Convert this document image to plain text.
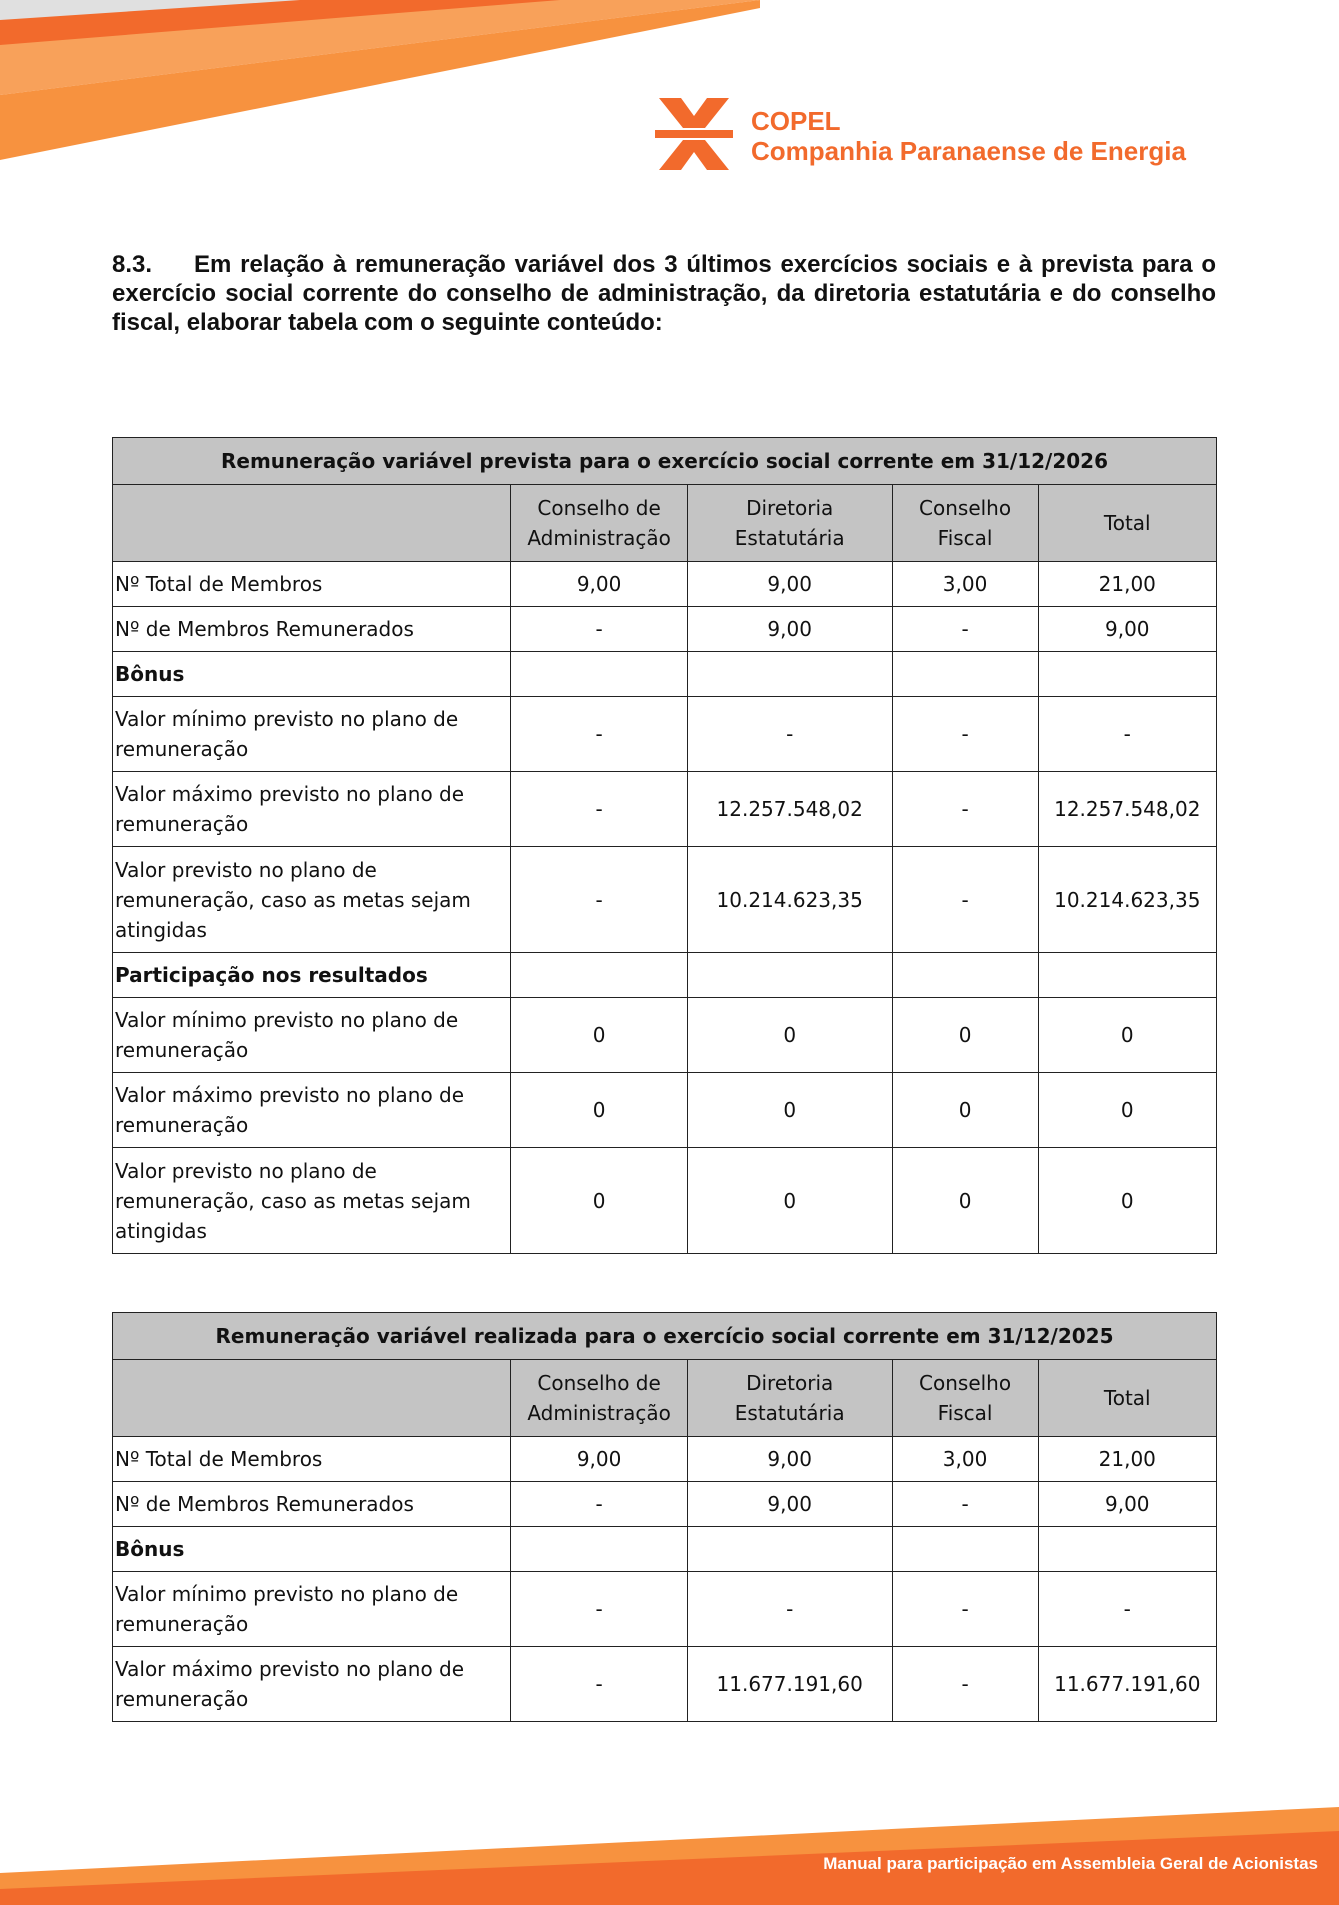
COPEL
Companhia Paranaense de Energia
8.3. Em relação à remuneração variável dos 3 últimos exercícios sociais e à prevista para o exercício social corrente do conselho de administração, da diretoria estatutária e do conselho fiscal, elaborar tabela com o seguinte conteúdo:
Remuneração variável prevista para o exercício social corrente em 31/12/2026				
	Conselho de Administração	Diretoria Estatutária	Conselho Fiscal	Total
Nº Total de Membros	9,00	9,00	3,00	21,00
Nº de Membros Remunerados	-	9,00	-	9,00
Bônus				
Valor mínimo previsto no plano de remuneração	-	-	-	-
Valor máximo previsto no plano de remuneração	-	12.257.548,02	-	12.257.548,02
Valor previsto no plano de remuneração, caso as metas sejam atingidas	-	10.214.623,35	-	10.214.623,35
Participação nos resultados				
Valor mínimo previsto no plano de remuneração	0	0	0	0
Valor máximo previsto no plano de remuneração	0	0	0	0
Valor previsto no plano de remuneração, caso as metas sejam atingidas	0	0	0	0
Remuneração variável realizada para o exercício social corrente em 31/12/2025				
	Conselho de Administração	Diretoria Estatutária	Conselho Fiscal	Total
Nº Total de Membros	9,00	9,00	3,00	21,00
Nº de Membros Remunerados	-	9,00	-	9,00
Bônus				
Valor mínimo previsto no plano de remuneração	-	-	-	-
Valor máximo previsto no plano de remuneração	-	11.677.191,60	-	11.677.191,60
Manual para participação em Assembleia Geral de Acionistas
